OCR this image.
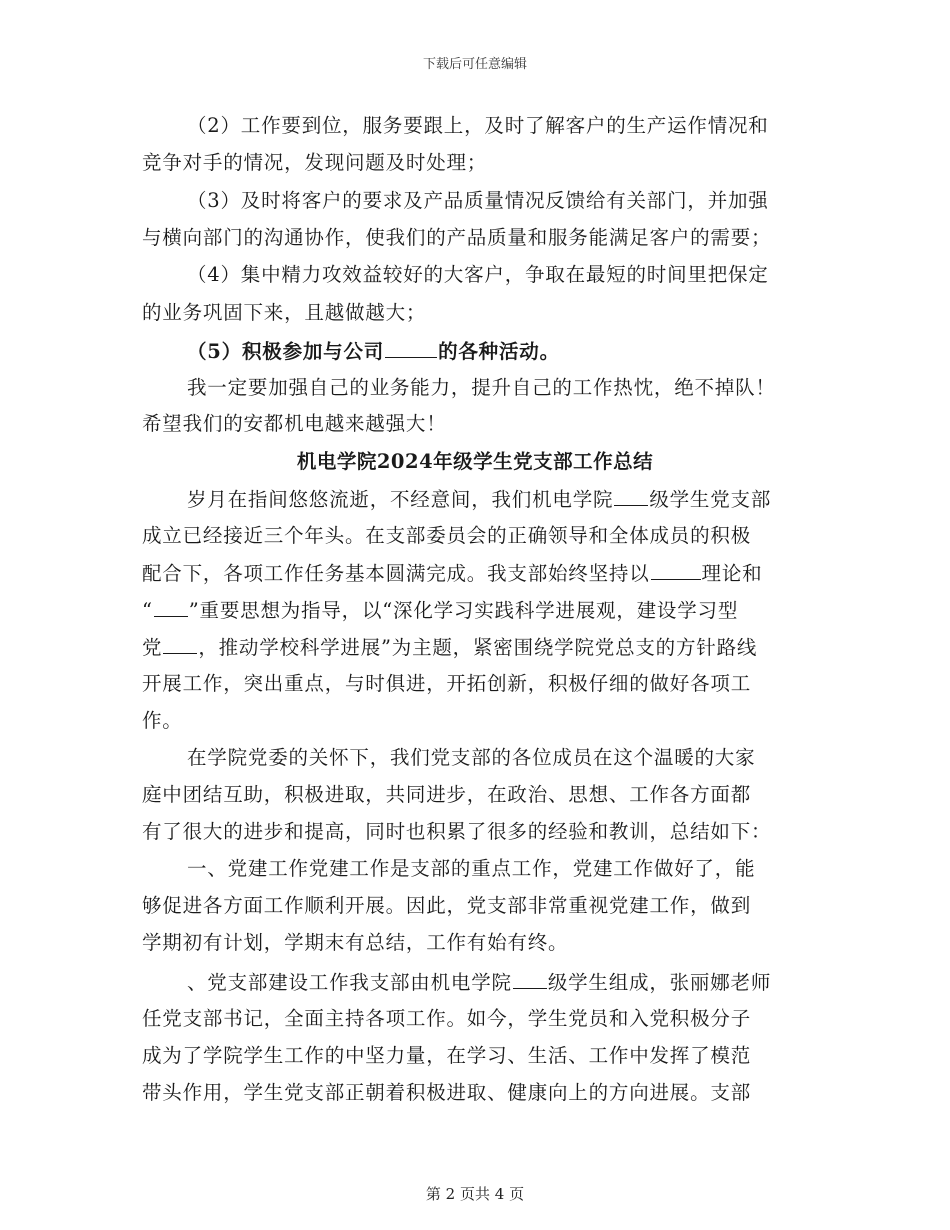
下载后可任意编辑
（2）工作要到位，服务要跟上，及时了解客户的生产运作情况和
竞争对手的情况，发现问题及时处理；
（3）及时将客户的要求及产品质量情况反馈给有关部门，并加强
与横向部门的沟通协作，使我们的产品质量和服务能满足客户的需要；
（4）集中精力攻效益较好的大客户，争取在最短的时间里把保定
的业务巩固下来，且越做越大；
（5）积极参加与公司	的各种活动。
我一定要加强自己的业务能力，提升自己的工作热忱，绝不掉队！
希望我们的安都机电越来越强大！
机电学院2024年级学生党支部工作总结
岁月在指间悠悠流逝，不经意间，我们机电学院 级学生党支部
成立已经接近三个年头。在支部委员会的正确领导和全体成员的积极
配合下，各项工作任务基本圆满完成。我支部始终坚持以	理论和
“ ”重要思想为指导，以“深化学习实践科学进展观，建设学习型
党 ，推动学校科学进展”为主题，紧密围绕学院党总支的方针路线
开展工作，突出重点，与时俱进，开拓创新，积极仔细的做好各项工
作。
在学院党委的关怀下，我们党支部的各位成员在这个温暖的大家
庭中团结互助，积极进取，共同进步，在政治、思想、工作各方面都
有了很大的进步和提高，同时也积累了很多的经验和教训，总结如下：
一、党建工作党建工作是支部的重点工作，党建工作做好了，能
够促进各方面工作顺利开展。因此，党支部非常重视党建工作，做到
学期初有计划，学期末有总结，工作有始有终。
、党支部建设工作我支部由机电学院 级学生组成，张丽娜老师
任党支部书记，全面主持各项工作。如今，学生党员和入党积极分子
成为了学院学生工作的中坚力量，在学习、生活、工作中发挥了模范
带头作用，学生党支部正朝着积极进取、健康向上的方向进展。支部
第 2 页共 4 页
